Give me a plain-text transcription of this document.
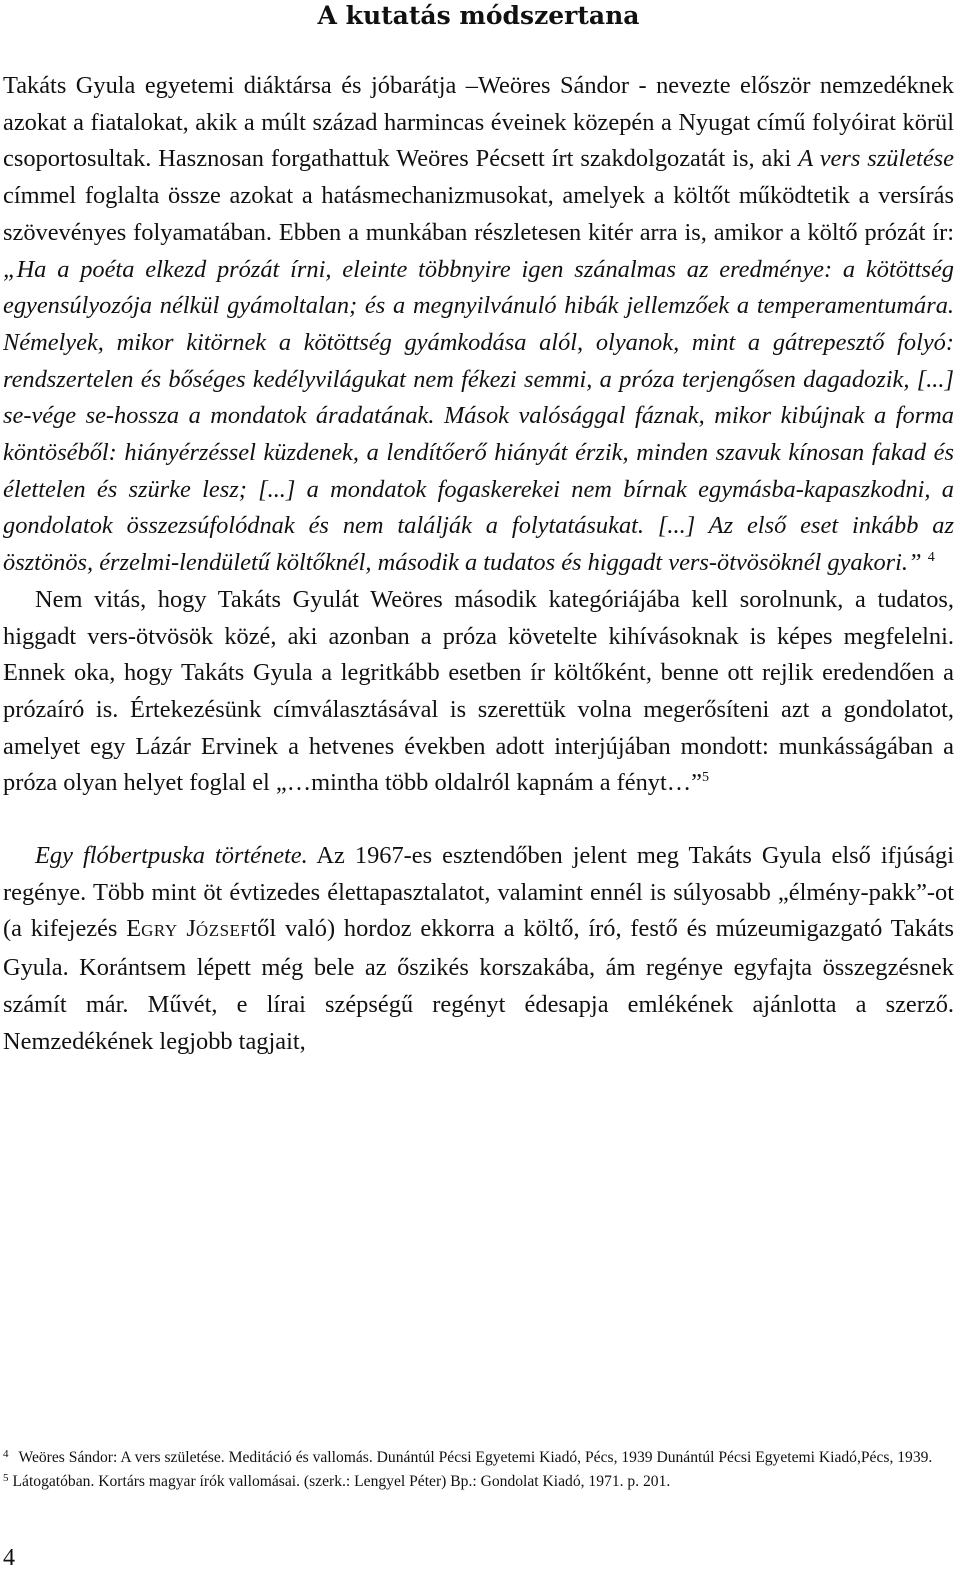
A kutatás módszertana

Takáts Gyula egyetemi diáktársa és jóbarátja –Weöres Sándor - nevezte először nemzedéknek azokat a fiatalokat, akik a múlt század harmincas éveinek közepén a Nyugat című folyóirat körül csoportosultak. Hasznosan forgathattuk Weöres Pécsett írt szakdolgozatát is, aki A vers születése címmel foglalta össze azokat a hatásmechanizmusokat, amelyek a költőt működtetik a versírás szövevényes folyamatában. Ebben a munkában részletesen kitér arra is, amikor a költő prózát ír: „Ha a poéta elkezd prózát írni, eleinte többnyire igen szánalmas az eredménye: a kötöttség egyensúlyozója nélkül gyámoltalan; és a megnyilvánuló hibák jellemzőek a temperamentumára. Némelyek, mikor kitörnek a kötöttség gyámkodása alól, olyanok, mint a gátrepesztő folyó: rendszertelen és bőséges kedélyvilágukat nem fékezi semmi, a próza terjengősen dagadozik, [...] se-vége se-hossza a mondatok áradatának. Mások valósággal fáznak, mikor kibújnak a forma köntöséből: hiányérzéssel küzdenek, a lendítőerő hiányát érzik, minden szavuk kínosan fakad és élettelen és szürke lesz; [...] a mondatok fogaskerekei nem bírnak egymásba-kapaszkodni, a gondolatok összezsúfolódnak és nem találják a folytatásukat. [...] Az első eset inkább az ösztönös, érzelmi-lendületű költőknél, második a tudatos és higgadt vers-ötvösöknél gyakori.” $^4$

Nem vitás, hogy Takáts Gyulát Weöres második kategóriájába kell sorolnunk, a tudatos, higgadt vers-ötvösök közé, aki azonban a próza követelte kihívásoknak is képes megfelelni. Ennek oka, hogy Takáts Gyula a legritkább esetben ír költőként, benne ott rejlik eredendően a prózaíró is. Értekezésünk címválasztásával is szerettük volna megerősíteni azt a gondolatot, amelyet egy Lázár Ervinek a hetvenes években adott interjújában mondott: munkásságában a próza olyan helyet foglal el „…mintha több oldalról kapnám a fényt…”$^5$

Egy flóbertpuska története. Az 1967-es esztendőben jelent meg Takáts Gyula első ifjúsági regénye. Több mint öt évtizedes élettapasztalatot, valamint ennél is súlyosabb „élmény-pakk”-ot (a kifejezés EGRY JÓZSEFtől való) hordoz ekkorra a költő, író, festő és múzeumigazgató Takáts Gyula. Korántsem lépett még bele az őszikés korszakába, ám regénye egyfajta összegzésnek számít már. Művét, e lírai szépségű regényt édesapja emlékének ajánlotta a szerző. Nemzedékének legjobb tagjait,

$^4$ Weöres Sándor: A vers születése. Meditáció és vallomás. Dunántúl Pécsi Egyetemi Kiadó, Pécs, 1939 Dunántúl Pécsi Egyetemi Kiadó,Pécs, 1939.

$^5$ Látogatóban. Kortárs magyar írók vallomásai. (szerk.: Lengyel Péter) Bp.: Gondolat Kiadó, 1971. p. 201.

4
